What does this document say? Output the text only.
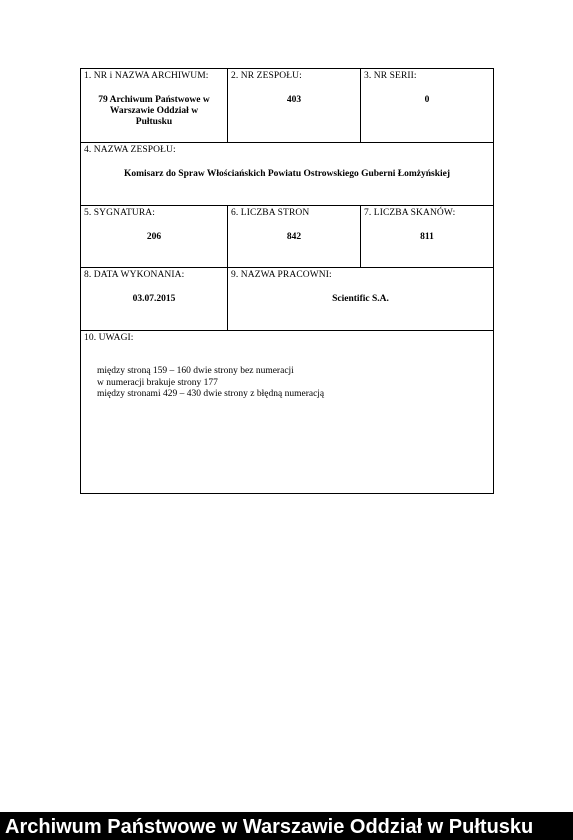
1. NR i NAZWA ARCHIWUM:
79 Archiwum Państwowe w Warszawie Oddział w Pułtusku
2. NR ZESPOŁU:
403
3. NR SERII:
0
4. NAZWA ZESPOŁU:
Komisarz do Spraw Włościańskich Powiatu Ostrowskiego Guberni Łomżyńskiej
5. SYGNATURA:
206
6. LICZBA STRON
842
7. LICZBA SKANÓW:
811
8. DATA WYKONANIA:
03.07.2015
9. NAZWA PRACOWNI:
Scientific S.A.
10. UWAGI:
między stroną 159 – 160 dwie strony bez numeracji
w numeracji brakuje strony 177
między stronami 429 – 430 dwie strony z błędną numeracją
Archiwum Państwowe w Warszawie Oddział w Pułtusku
